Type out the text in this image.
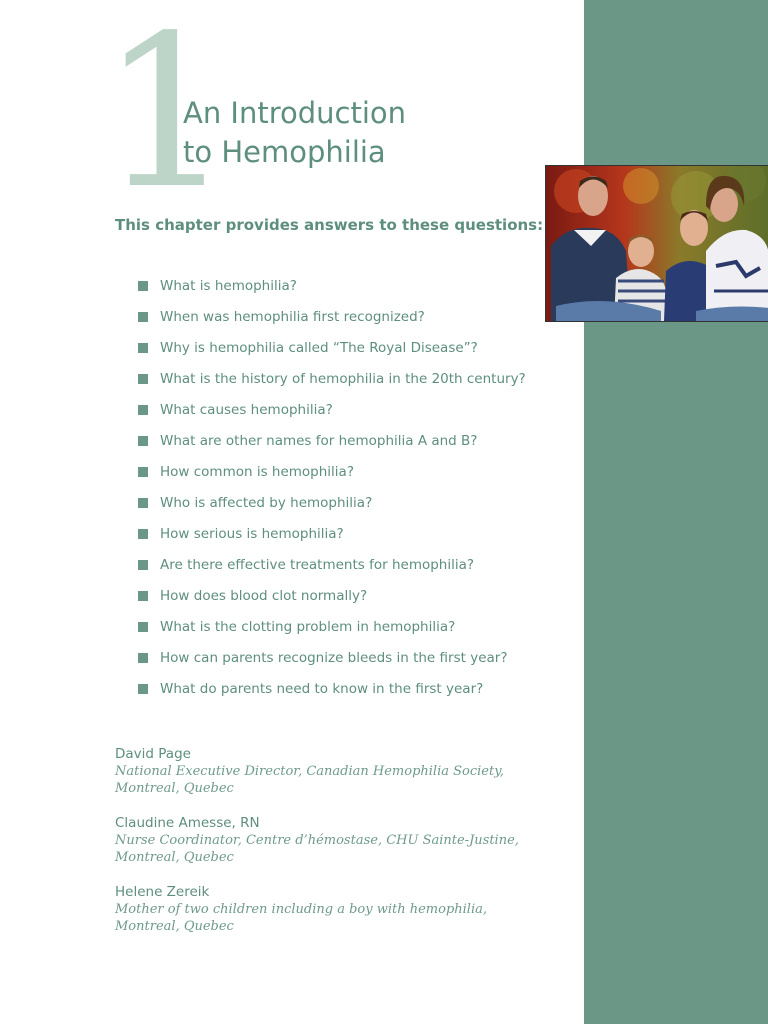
1
An Introduction
to Hemophilia

This chapter provides answers to these questions:

What is hemophilia?
When was hemophilia first recognized?
Why is hemophilia called “The Royal Disease”?
What is the history of hemophilia in the 20th century?
What causes hemophilia?
What are other names for hemophilia A and B?
How common is hemophilia?
Who is affected by hemophilia?
How serious is hemophilia?
Are there effective treatments for hemophilia?
How does blood clot normally?
What is the clotting problem in hemophilia?
How can parents recognize bleeds in the first year?
What do parents need to know in the first year?
David Page
National Executive Director, Canadian Hemophilia Society,
Montreal, Quebec
Claudine Amesse, RN
Nurse Coordinator, Centre d’hémostase, CHU Sainte-Justine,
Montreal, Quebec
Helene Zereik
Mother of two children including a boy with hemophilia,
Montreal, Quebec
